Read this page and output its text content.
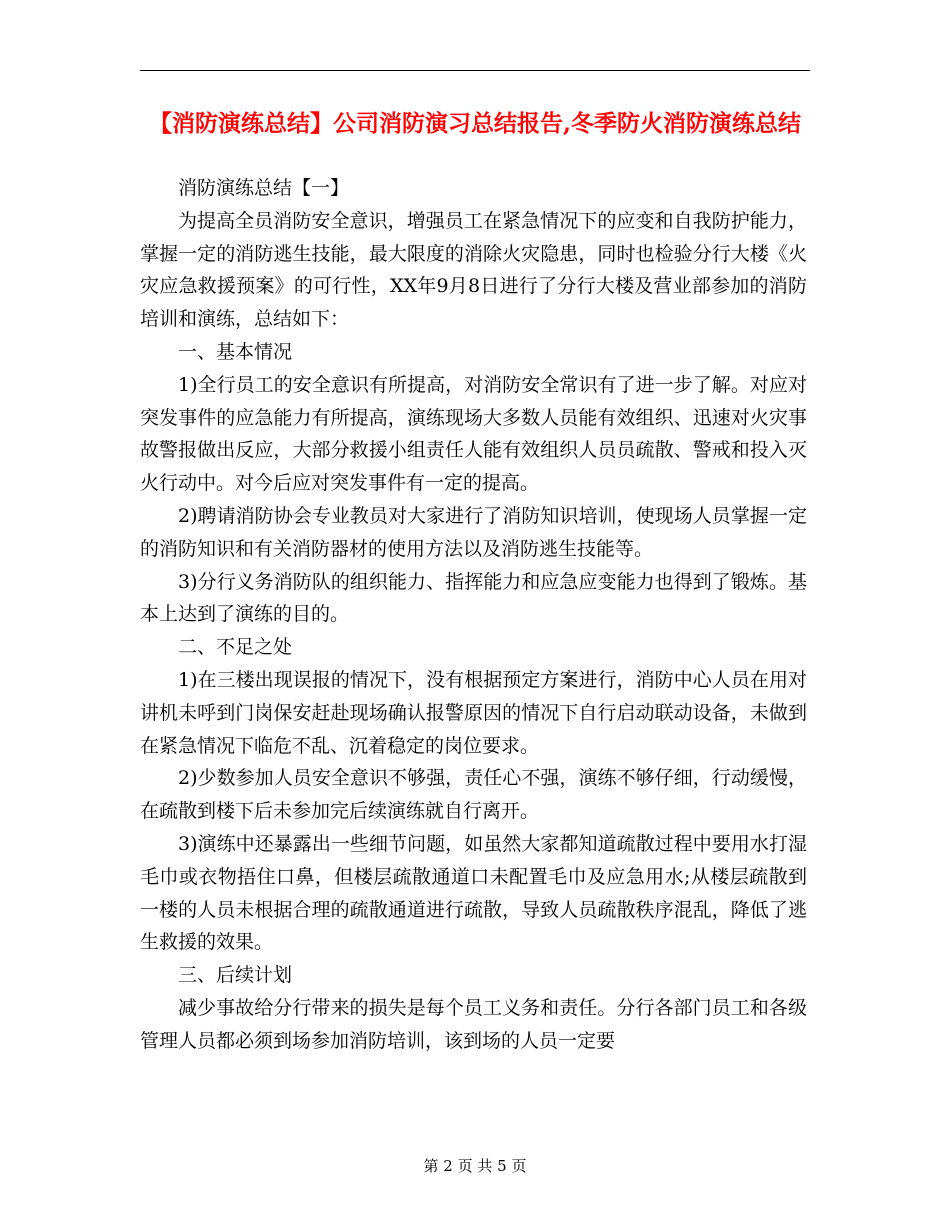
【消防演练总结】公司消防演习总结报告,冬季防火消防演练总结

消防演练总结【一】

为提高全员消防安全意识，增强员工在紧急情况下的应变和自我防护能力，掌握一定的消防逃生技能，最大限度的消除火灾隐患，同时也检验分行大楼《火灾应急救援预案》的可行性，XX年9月8日进行了分行大楼及营业部参加的消防培训和演练，总结如下：

一、基本情况

1)全行员工的安全意识有所提高，对消防安全常识有了进一步了解。对应对突发事件的应急能力有所提高，演练现场大多数人员能有效组织、迅速对火灾事故警报做出反应，大部分救援小组责任人能有效组织人员员疏散、警戒和投入灭火行动中。对今后应对突发事件有一定的提高。

2)聘请消防协会专业教员对大家进行了消防知识培训，使现场人员掌握一定的消防知识和有关消防器材的使用方法以及消防逃生技能等。

3)分行义务消防队的组织能力、指挥能力和应急应变能力也得到了锻炼。基本上达到了演练的目的。

二、不足之处

1)在三楼出现误报的情况下，没有根据预定方案进行，消防中心人员在用对讲机未呼到门岗保安赶赴现场确认报警原因的情况下自行启动联动设备，未做到在紧急情况下临危不乱、沉着稳定的岗位要求。

2)少数参加人员安全意识不够强，责任心不强，演练不够仔细，行动缓慢，在疏散到楼下后未参加完后续演练就自行离开。

3)演练中还暴露出一些细节问题，如虽然大家都知道疏散过程中要用水打湿毛巾或衣物捂住口鼻，但楼层疏散通道口未配置毛巾及应急用水;从楼层疏散到一楼的人员未根据合理的疏散通道进行疏散，导致人员疏散秩序混乱，降低了逃生救援的效果。

三、后续计划

减少事故给分行带来的损失是每个员工义务和责任。分行各部门员工和各级管理人员都必须到场参加消防培训，该到场的人员一定要

第 2 页 共 5 页
